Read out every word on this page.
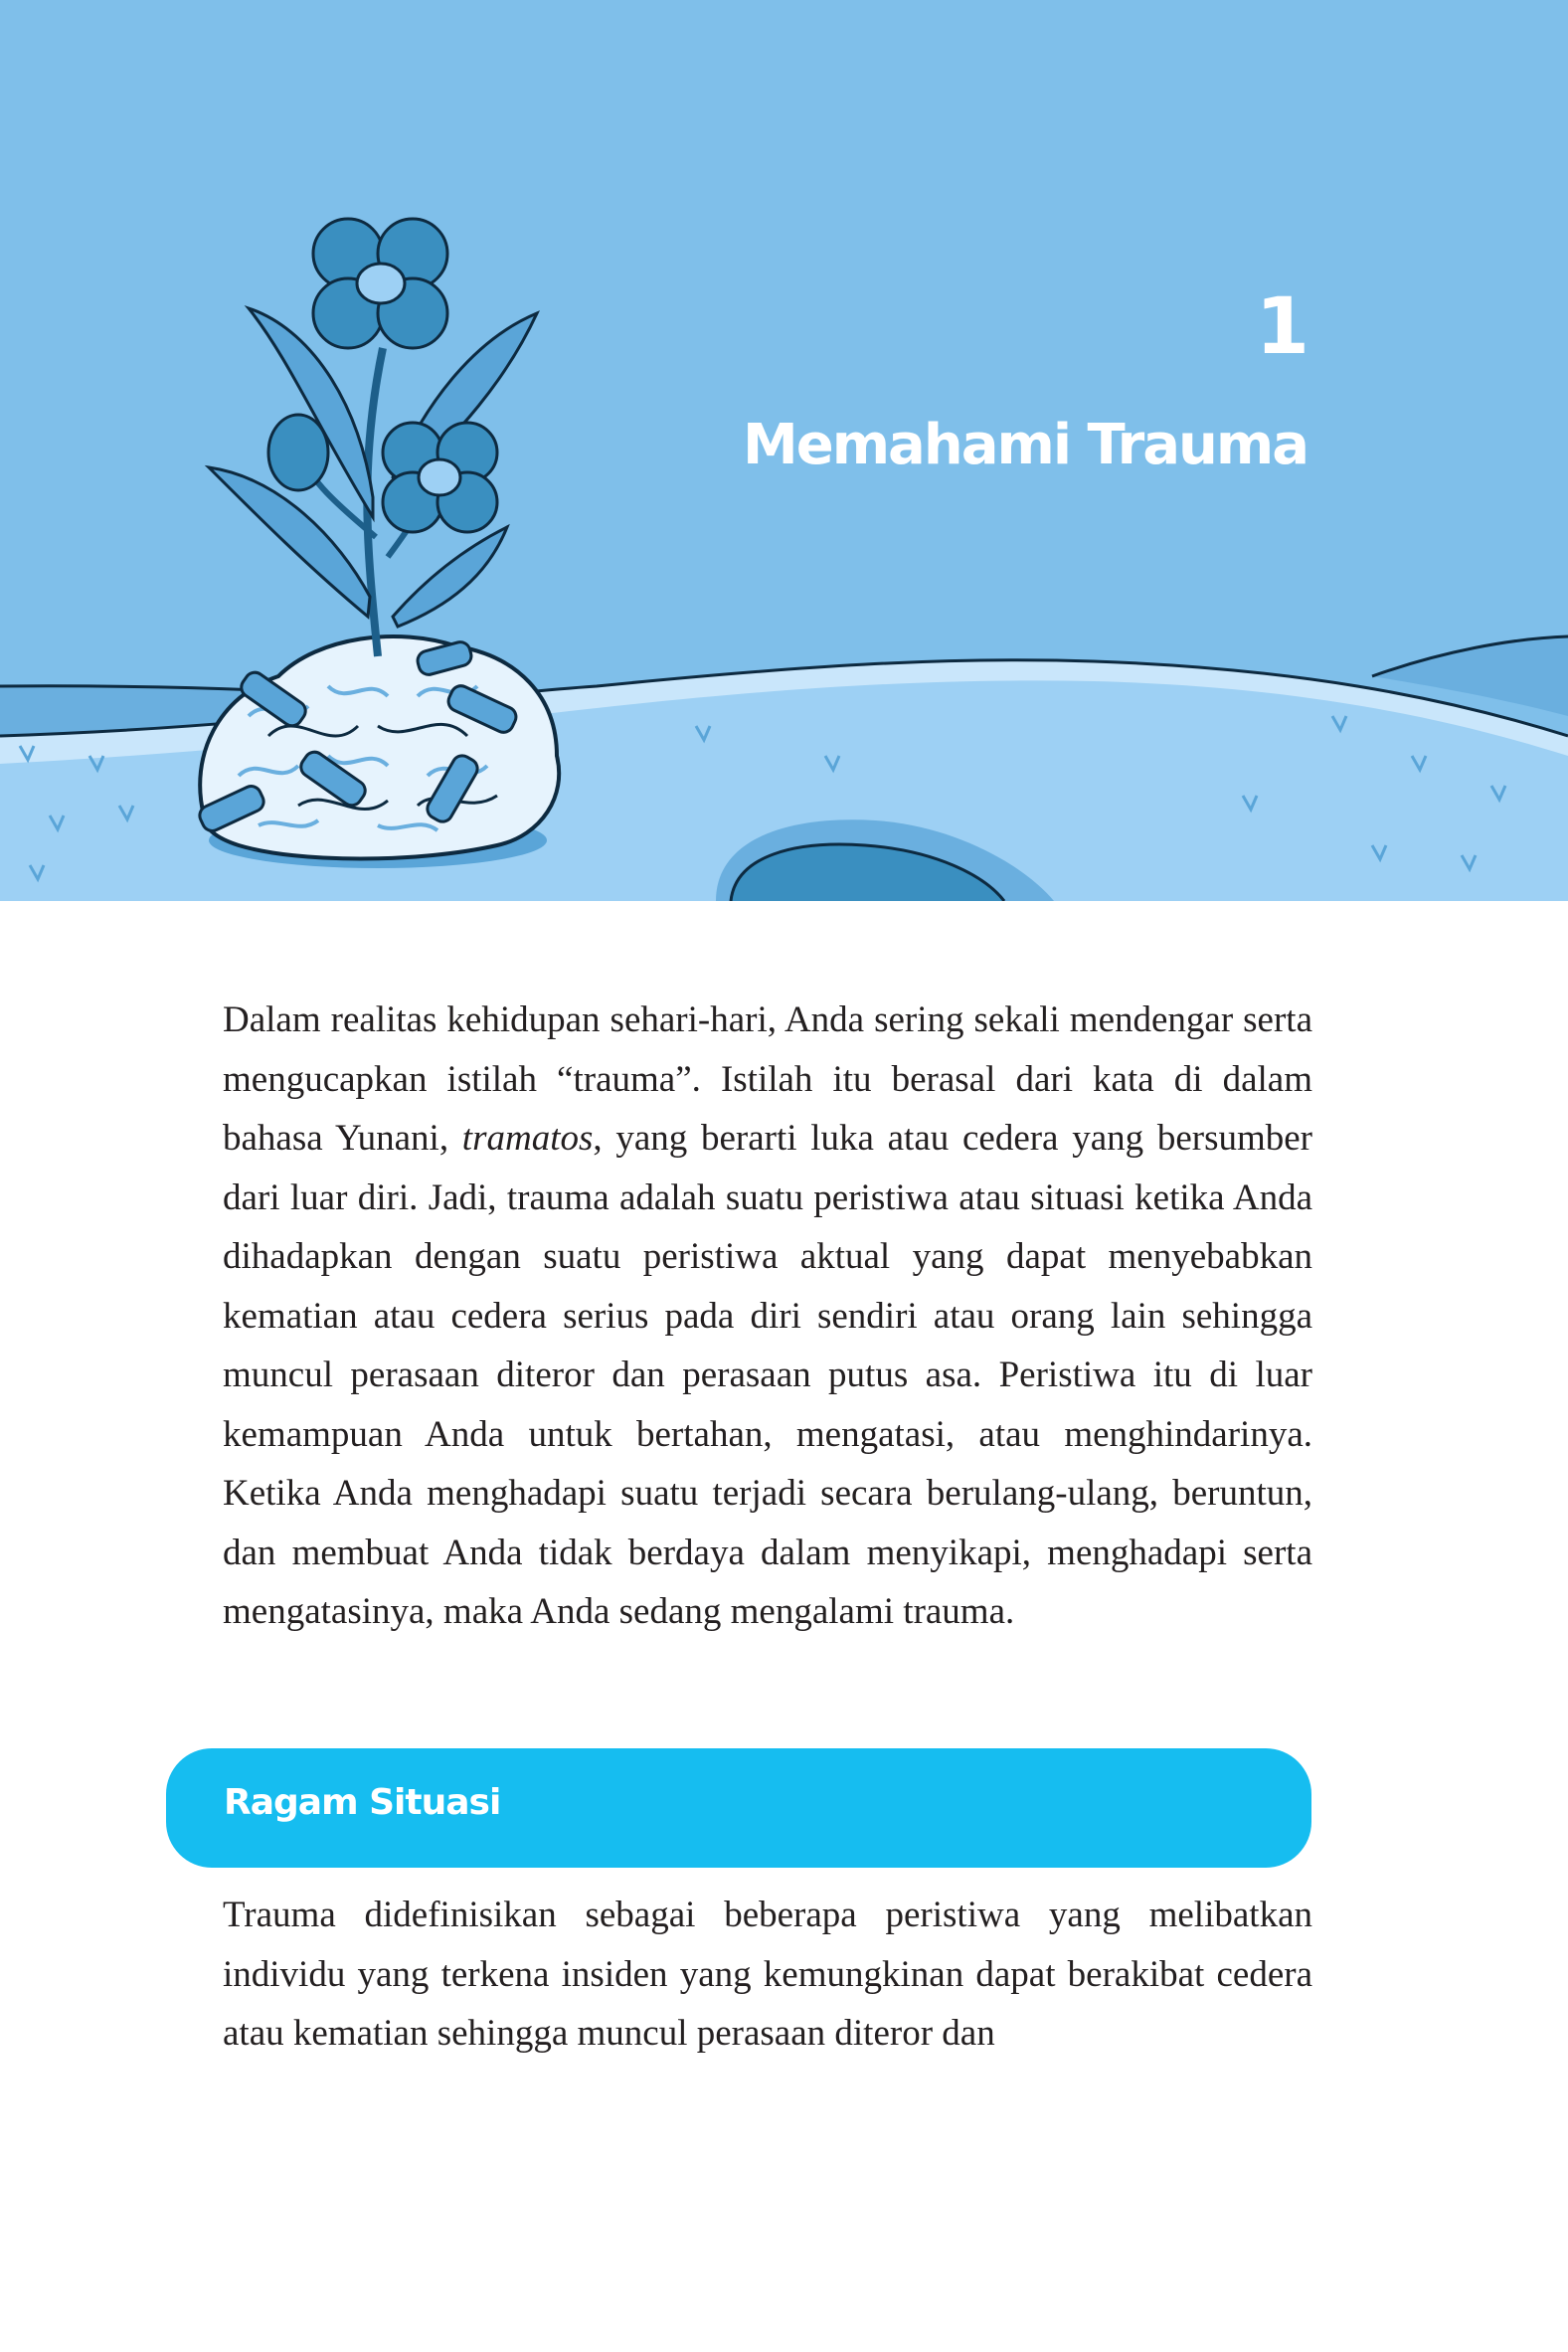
1
Memahami Trauma

Dalam realitas kehidupan sehari-hari, Anda sering sekali mendengar serta mengucapkan istilah “trauma”. Istilah itu berasal dari kata di dalam bahasa Yunani, tramatos, yang berarti luka atau cedera yang bersumber dari luar diri. Jadi, trauma adalah suatu peristiwa atau situasi ketika Anda dihadapkan dengan suatu peristiwa aktual yang dapat menyebabkan kematian atau cedera serius pada diri sendiri atau orang lain sehingga muncul perasaan diteror dan perasaan putus asa. Peristiwa itu di luar kemampuan Anda untuk bertahan, mengatasi, atau menghindarinya. Ketika Anda menghadapi suatu terjadi secara berulang-ulang, beruntun, dan membuat Anda tidak berdaya dalam menyikapi, menghadapi serta mengatasinya, maka Anda sedang mengalami trauma.

Ragam Situasi

Trauma didefinisikan sebagai beberapa peristiwa yang melibatkan individu yang terkena insiden yang kemungkinan dapat berakibat cedera atau kematian sehingga muncul perasaan diteror dan
